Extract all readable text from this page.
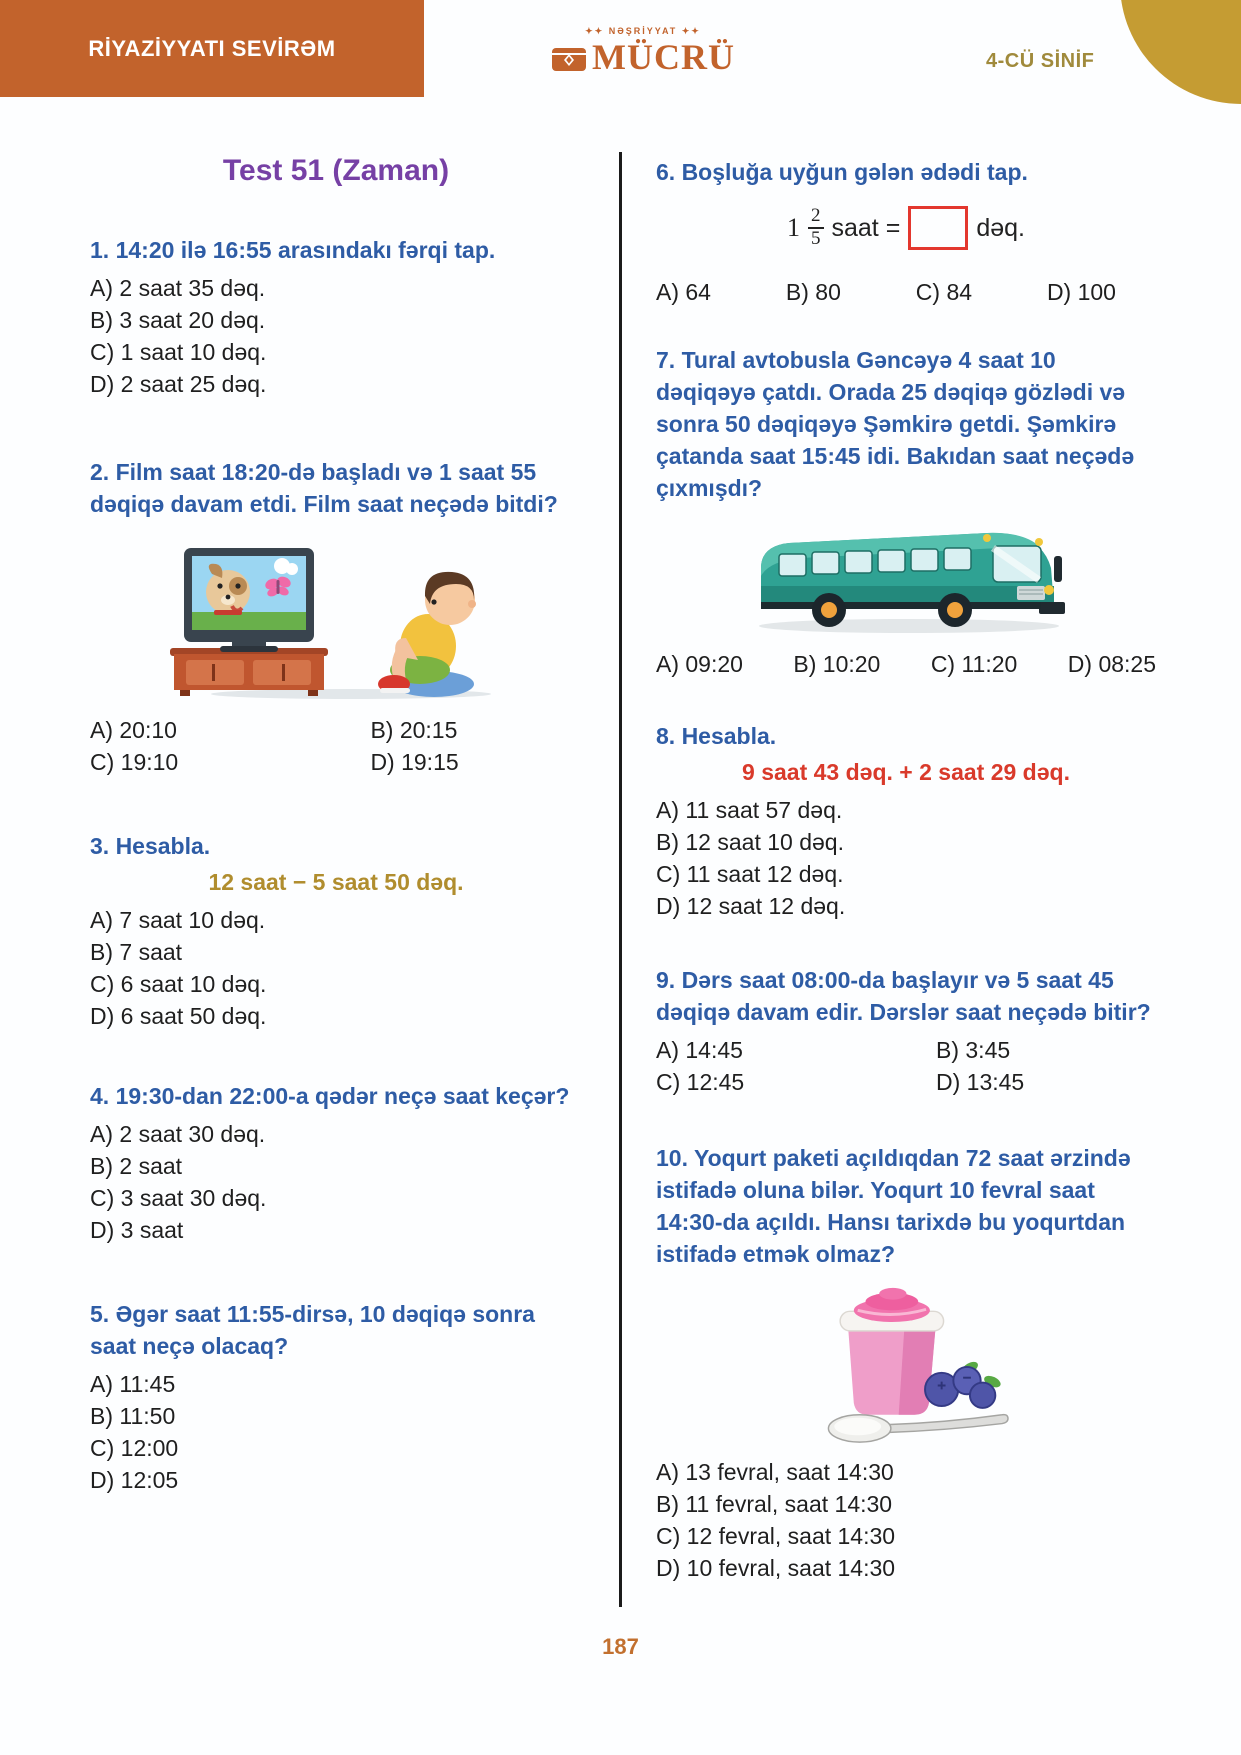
RİYAZİYYATI SEVİRƏM
✦✦ NƏŞRİYYAT ✦✦
MÜCRÜ	4-CÜ SİNİF
Test 51 (Zaman)
1. 14:20 ilə 16:55 arasındakı fərqi tap.
A) 2 saat 35 dəq.
B) 3 saat 20 dəq.
C) 1 saat 10 dəq.
D) 2 saat 25 dəq.
2. Film saat 18:20-də başladı və 1 saat 55 dəqiqə davam etdi. Film saat neçədə bitdi?
A) 20:10	B) 20:15
C) 19:10	D) 19:15
3. Hesabla.
12 saat − 5 saat 50 dəq.
A) 7 saat 10 dəq.
B) 7 saat
C) 6 saat 10 dəq.
D) 6 saat 50 dəq.
4. 19:30-dan 22:00-a qədər neçə saat keçər?
A) 2 saat 30 dəq.
B) 2 saat
C) 3 saat 30 dəq.
D) 3 saat
5. Əgər saat 11:55-dirsə, 10 dəqiqə sonra saat neçə olacaq?
A) 11:45
B) 11:50
C) 12:00
D) 12:05
6. Boşluğa uyğun gələn ədədi tap.
$1 \frac{2}{5}$ saat =	dəq.
A) 64	B) 80	C) 84	D) 100
7. Tural avtobusla Gəncəyə 4 saat 10 dəqiqəyə çatdı. Orada 25 dəqiqə gözlədi və sonra 50 dəqiqəyə Şəmkirə getdi. Şəmkirə çatanda saat 15:45 idi. Bakıdan saat neçədə çıxmışdı?
A) 09:20 B) 10:20 C) 11:20 D) 08:25
8. Hesabla.
9 saat 43 dəq. + 2 saat 29 dəq.
A) 11 saat 57 dəq.
B) 12 saat 10 dəq.
C) 11 saat 12 dəq.
D) 12 saat 12 dəq.
9. Dərs saat 08:00-da başlayır və 5 saat 45 dəqiqə davam edir. Dərslər saat neçədə bitir?
A) 14:45	B) 3:45
C) 12:45	D) 13:45
10. Yoqurt paketi açıldıqdan 72 saat ərzində istifadə oluna bilər. Yoqurt 10 fevral saat 14:30-da açıldı. Hansı tarixdə bu yoqurtdan istifadə etmək olmaz?
A) 13 fevral, saat 14:30
B) 11 fevral, saat 14:30
C) 12 fevral, saat 14:30
D) 10 fevral, saat 14:30
187
